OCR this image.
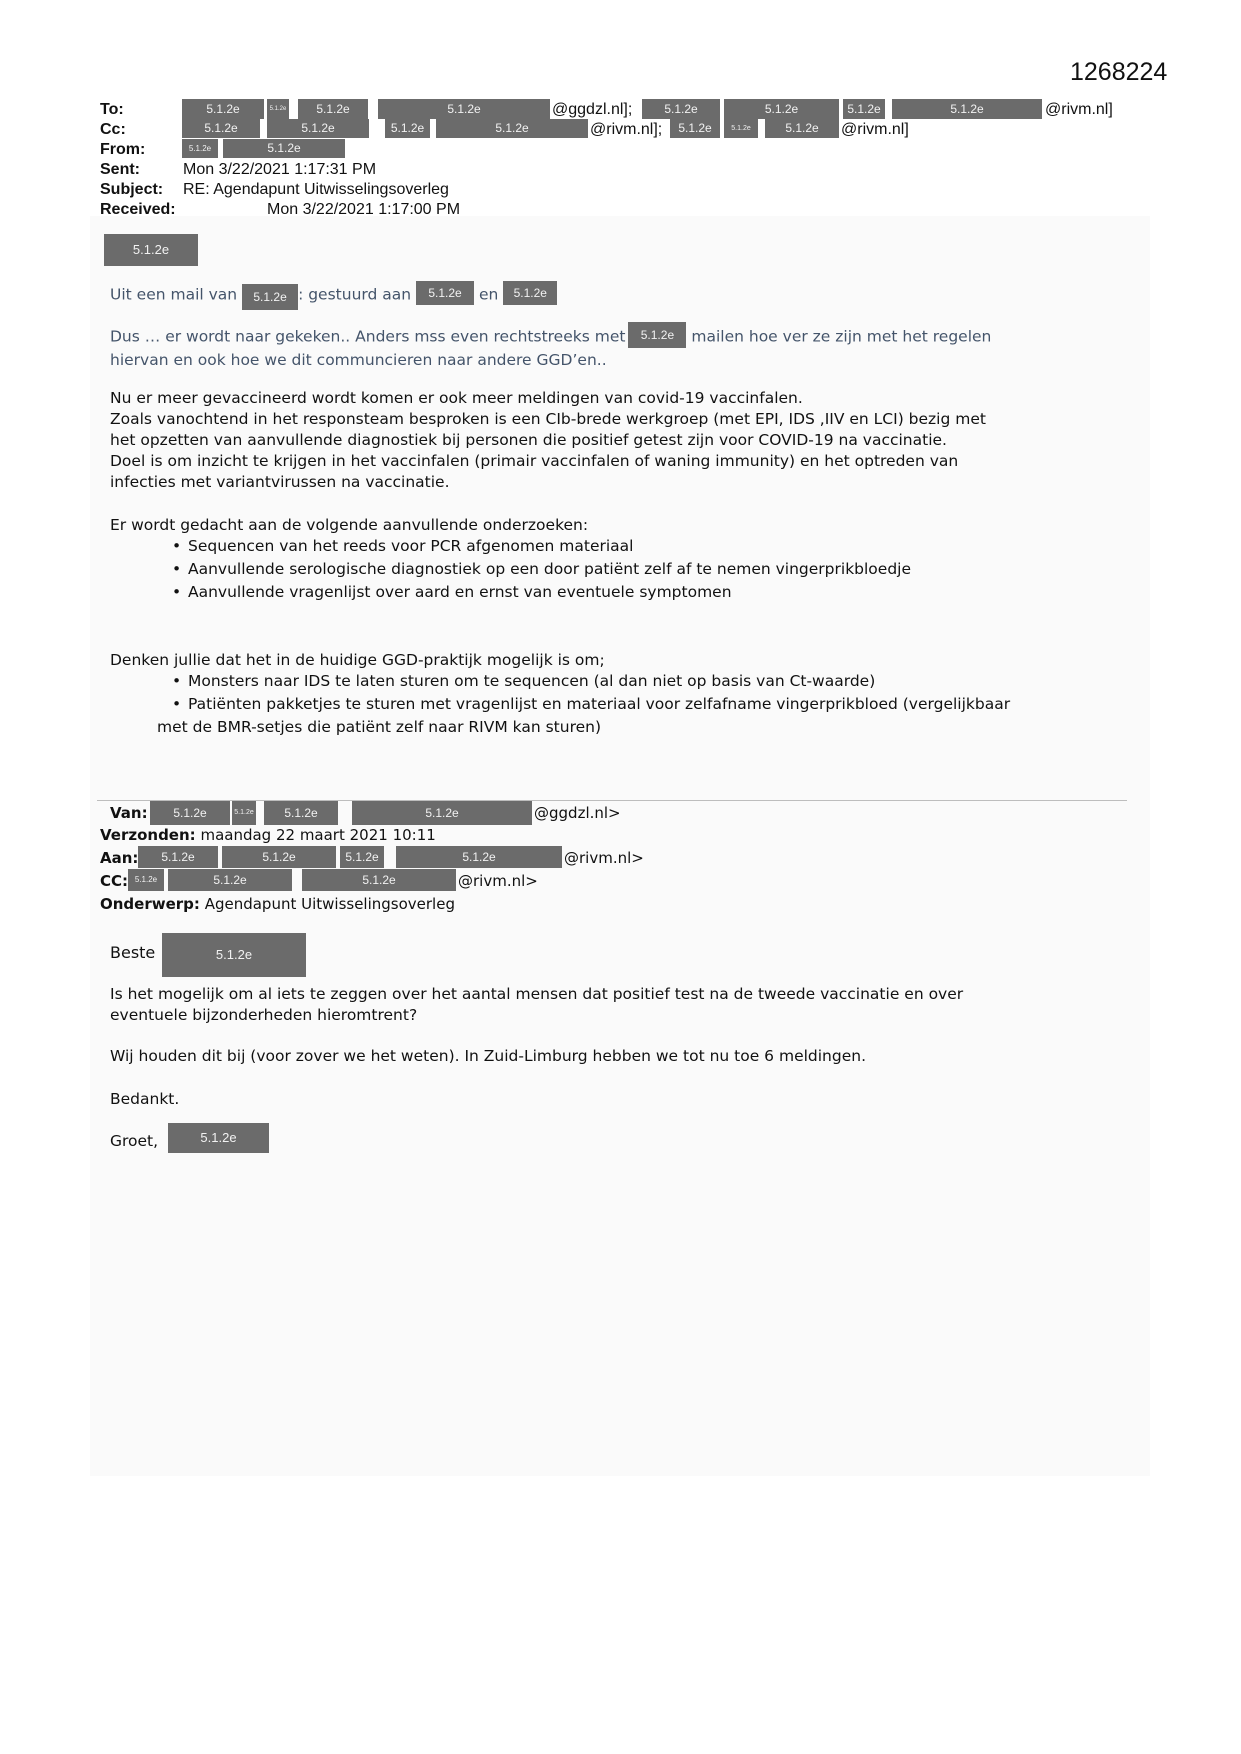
1268224
To:	5.1.2e	5.1.2e	5.1.2e	5.1.2e	@ggdzl.nl];	5.1.2e	5.1.2e	5.1.2e	5.1.2e	@rivm.nl]
Cc:	5.1.2e	5.1.2e	5.1.2e	5.1.2e	@rivm.nl];	5.1.2e	5.1.2e	5.1.2e	@rivm.nl]
From:	5.1.2e	5.1.2e
Sent:	Mon 3/22/2021 1:17:31 PM
Subject: RE: Agendapunt Uitwisselingsoverleg
Received:	Mon 3/22/2021 1:17:00 PM
5.1.2e
Uit een mail van 5.1.2e : gestuurd aan 5.1.2e en 5.1.2e
Dus … er wordt naar gekeken.. Anders mss even rechtstreeks met 5.1.2e mailen hoe ver ze zijn met het regelen
hiervan en ook hoe we dit communcieren naar andere GGD’en..
Nu er meer gevaccineerd wordt komen er ook meer meldingen van covid-19 vaccinfalen.
Zoals vanochtend in het responsteam besproken is een CIb-brede werkgroep (met EPI, IDS ,IIV en LCI) bezig met
het opzetten van aanvullende diagnostiek bij personen die positief getest zijn voor COVID-19 na vaccinatie.
Doel is om inzicht te krijgen in het vaccinfalen (primair vaccinfalen of waning immunity) en het optreden van
infecties met variantvirussen na vaccinatie.
Er wordt gedacht aan de volgende aanvullende onderzoeken:
• Sequencen van het reeds voor PCR afgenomen materiaal
• Aanvullende serologische diagnostiek op een door patiënt zelf af te nemen vingerprikbloedje
• Aanvullende vragenlijst over aard en ernst van eventuele symptomen
Denken jullie dat het in de huidige GGD-praktijk mogelijk is om;
• Monsters naar IDS te laten sturen om te sequencen (al dan niet op basis van Ct-waarde)
• Patiënten pakketjes te sturen met vragenlijst en materiaal voor zelfafname vingerprikbloed (vergelijkbaar
met de BMR-setjes die patiënt zelf naar RIVM kan sturen)
Van:	5.1.2e	5.1.2e	5.1.2e	5.1.2e	@ggdzl.nl>
Verzonden: maandag 22 maart 2021 10:11
Aan:	5.1.2e	5.1.2e	5.1.2e	5.1.2e	@rivm.nl>
CC: 5.1.2e	5.1.2e	5.1.2e	@rivm.nl>
Onderwerp: Agendapunt Uitwisselingsoverleg
Beste	5.1.2e
Is het mogelijk om al iets te zeggen over het aantal mensen dat positief test na de tweede vaccinatie en over
eventuele bijzonderheden hieromtrent?
Wij houden dit bij (voor zover we het weten). In Zuid-Limburg hebben we tot nu toe 6 meldingen.
Bedankt.
Groet,	5.1.2e
